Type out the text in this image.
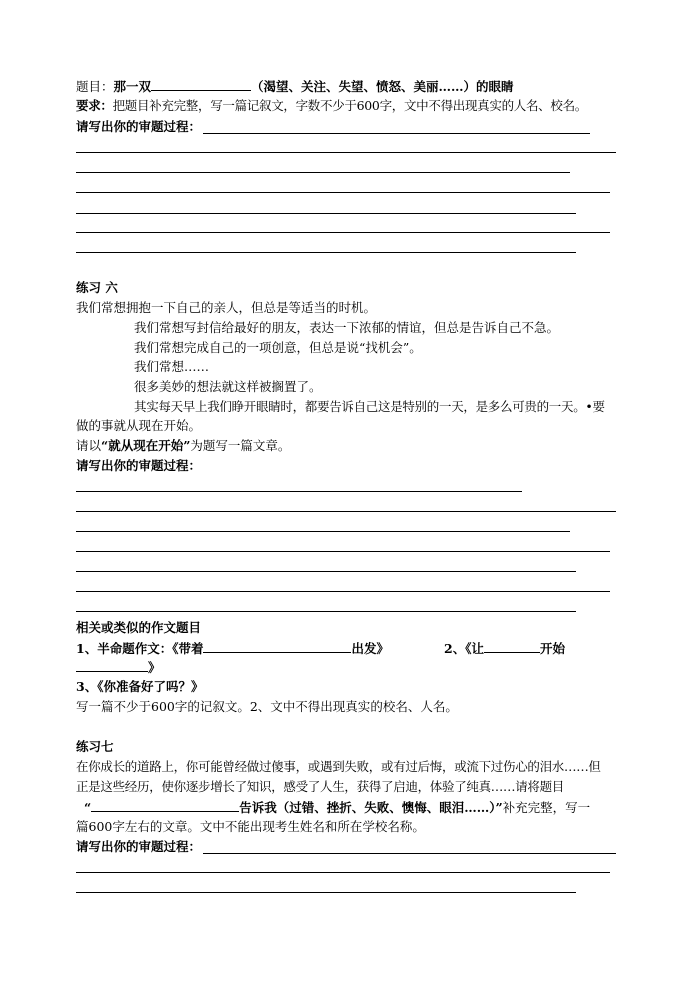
题目：那一双	（渴望、关注、失望、愤怒、美丽……）的眼睛
要求：把题目补充完整，写一篇记叙文，字数不少于600字，文中不得出现真实的人名、校名。
请写出你的审题过程：
练习 六
我们常想拥抱一下自己的亲人，但总是等适当的时机。
我们常想写封信给最好的朋友，表达一下浓郁的情谊，但总是告诉自己不急。
我们常想完成自己的一项创意，但总是说“找机会”。
我们常想……
很多美妙的想法就这样被搁置了。
其实每天早上我们睁开眼睛时，都要告诉自己这是特别的一天，是多么可贵的一天。•要
做的事就从现在开始。
请以“就从现在开始”为题写一篇文章。
请写出你的审题过程：
相关或类似的作文题目
1、半命题作文：《带着	出发》	2、《让	开始
》
3、《你准备好了吗？》
写一篇不少于600字的记叙文。2、文中不得出现真实的校名、人名。
练习七
在你成长的道路上，你可能曾经做过傻事，或遇到失败，或有过后悔，或流下过伤心的泪水……但
正是这些经历，使你逐步增长了知识，感受了人生，获得了启迪，体验了纯真……请将题目
“	告诉我（过错、挫折、失败、懊悔、眼泪……）”补充完整，写一
篇600字左右的文章。文中不能出现考生姓名和所在学校名称。
请写出你的审题过程：
